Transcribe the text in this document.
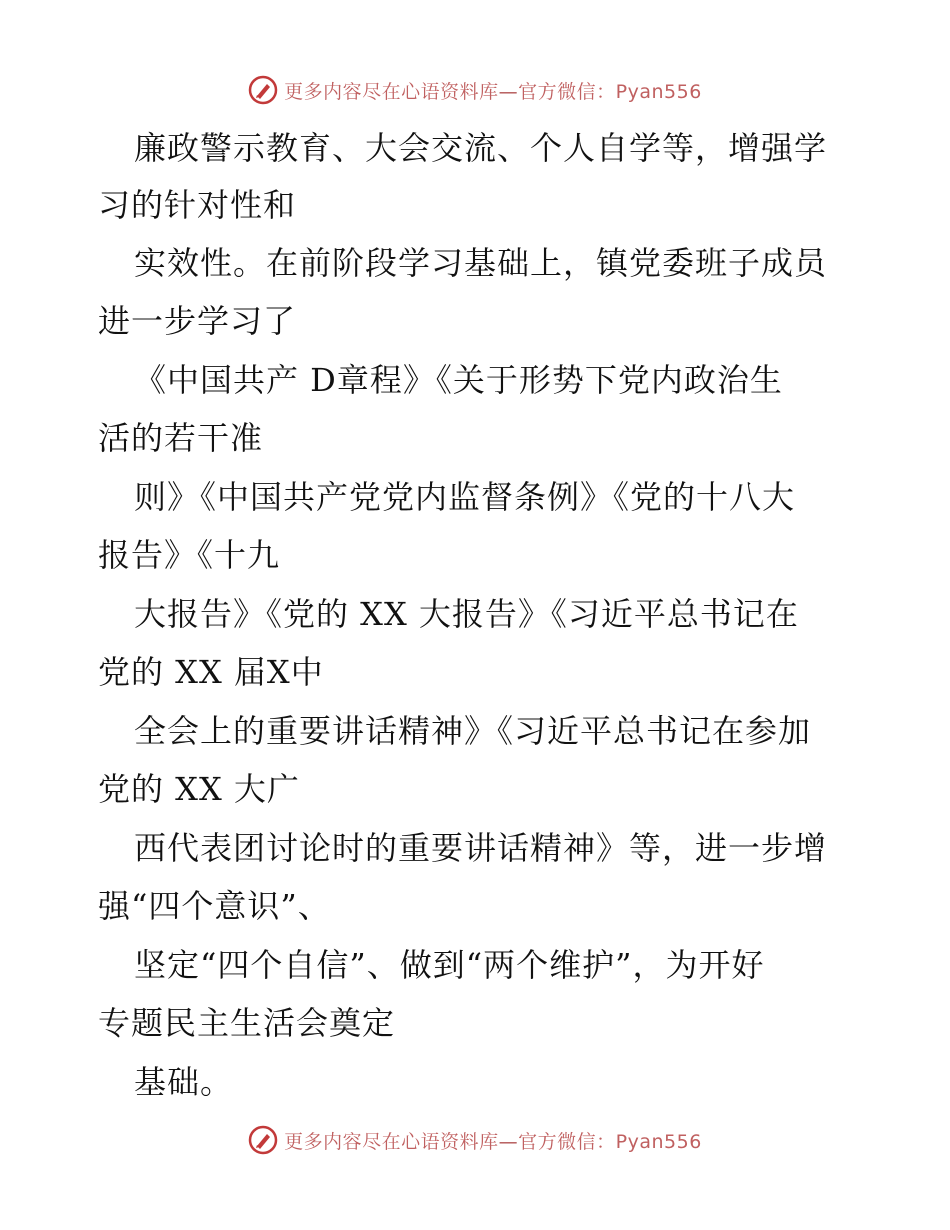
更多内容尽在心语资料库—官方微信：Pyan556
廉政警示教育、大会交流、个人自学等，增强学
习的针对性和
实效性。在前阶段学习基础上，镇党委班子成员
进一步学习了
《中国共产 D章程》《关于形势下党内政治生
活的若干准
则》《中国共产党党内监督条例》《党的十八大
报告》《十九
大报告》《党的 XX 大报告》《习近平总书记在
党的 XX 届X中
全会上的重要讲话精神》《习近平总书记在参加
党的 XX 大广
西代表团讨论时的重要讲话精神》等，进一步增
强“四个意识”、
坚定“四个自信”、做到“两个维护”，为开好
专题民主生活会奠定
基础。
更多内容尽在心语资料库—官方微信：Pyan556
